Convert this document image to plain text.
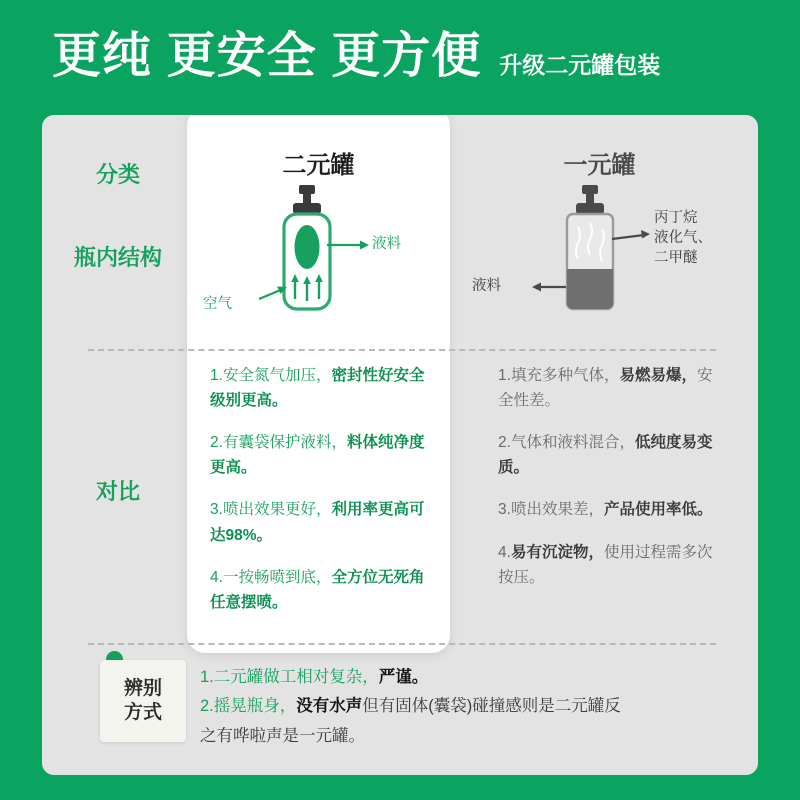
更纯 更安全 更方便 升级二元罐包装
分类
瓶内结构
对比
二元罐	一元罐
液料
空气
丙丁烷
液化气、
二甲醚
液料

1.安全氮气加压，密封性好安全级别更高。

2.有囊袋保护液料，料体纯净度更高。

3.喷出效果更好，利用率更高可达98%。

4.一按畅喷到底，全方位无死角任意摆喷。

1.填充多种气体，易燃易爆，安全性差。

2.气体和液料混合，低纯度易变质。

3.喷出效果差，产品使用率低。

4.易有沉淀物，使用过程需多次按压。

辨别
方式
1.二元罐做工相对复杂，严谨。
2.摇晃瓶身，没有水声但有固体(囊袋)碰撞感则是二元罐反
之有哗啦声是一元罐。
